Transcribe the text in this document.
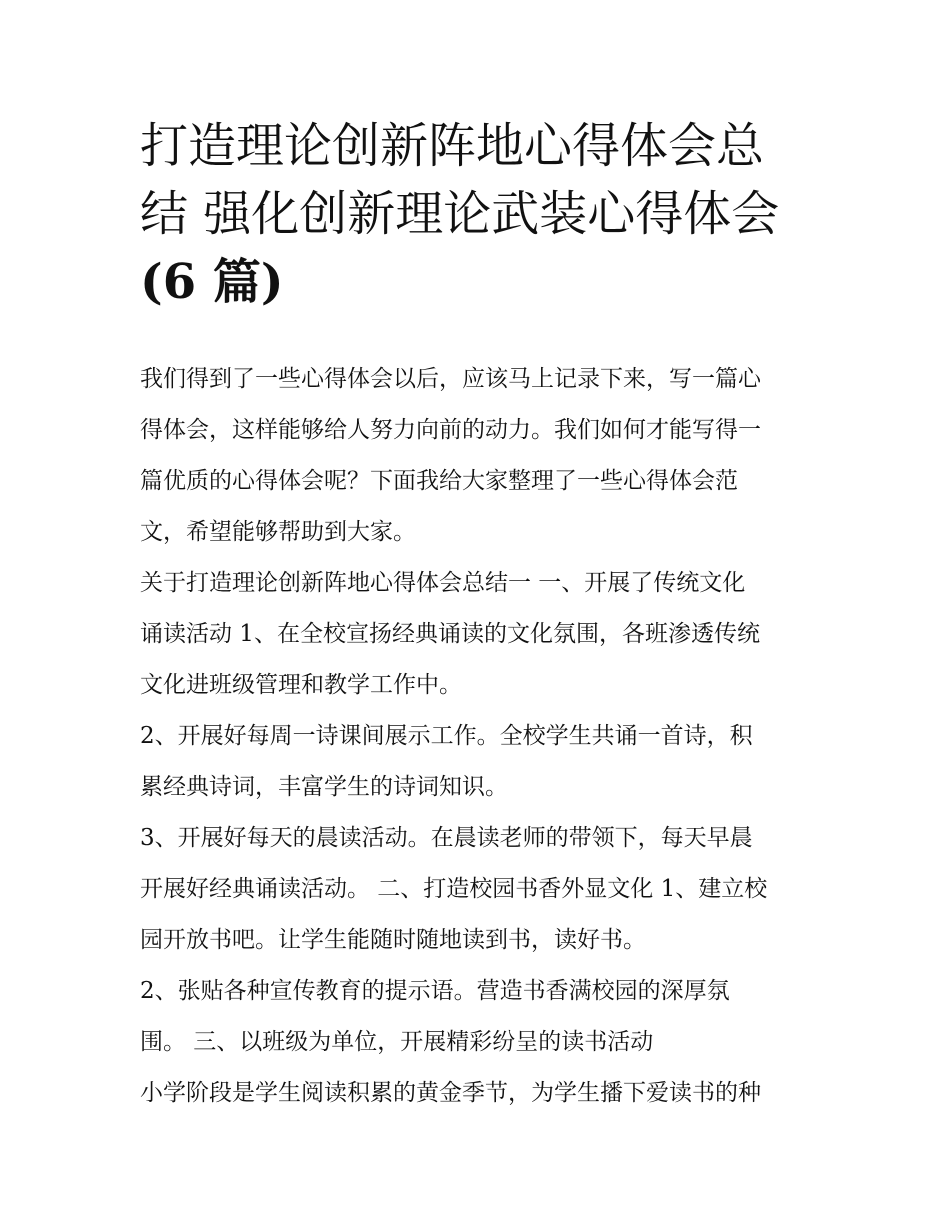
打造理论创新阵地心得体会总
结 强化创新理论武装心得体会
(6 篇)
我们得到了一些心得体会以后，应该马上记录下来，写一篇心
得体会，这样能够给人努力向前的动力。我们如何才能写得一
篇优质的心得体会呢？下面我给大家整理了一些心得体会范
文，希望能够帮助到大家。
关于打造理论创新阵地心得体会总结一 一、开展了传统文化
诵读活动 1、在全校宣扬经典诵读的文化氛围，各班渗透传统
文化进班级管理和教学工作中。
2、开展好每周一诗课间展示工作。全校学生共诵一首诗，积
累经典诗词，丰富学生的诗词知识。
3、开展好每天的晨读活动。在晨读老师的带领下，每天早晨
开展好经典诵读活动。 二、打造校园书香外显文化 1、建立校
园开放书吧。让学生能随时随地读到书，读好书。
2、张贴各种宣传教育的提示语。营造书香满校园的深厚氛
围。 三、以班级为单位，开展精彩纷呈的读书活动
小学阶段是学生阅读积累的黄金季节，为学生播下爱读书的种
